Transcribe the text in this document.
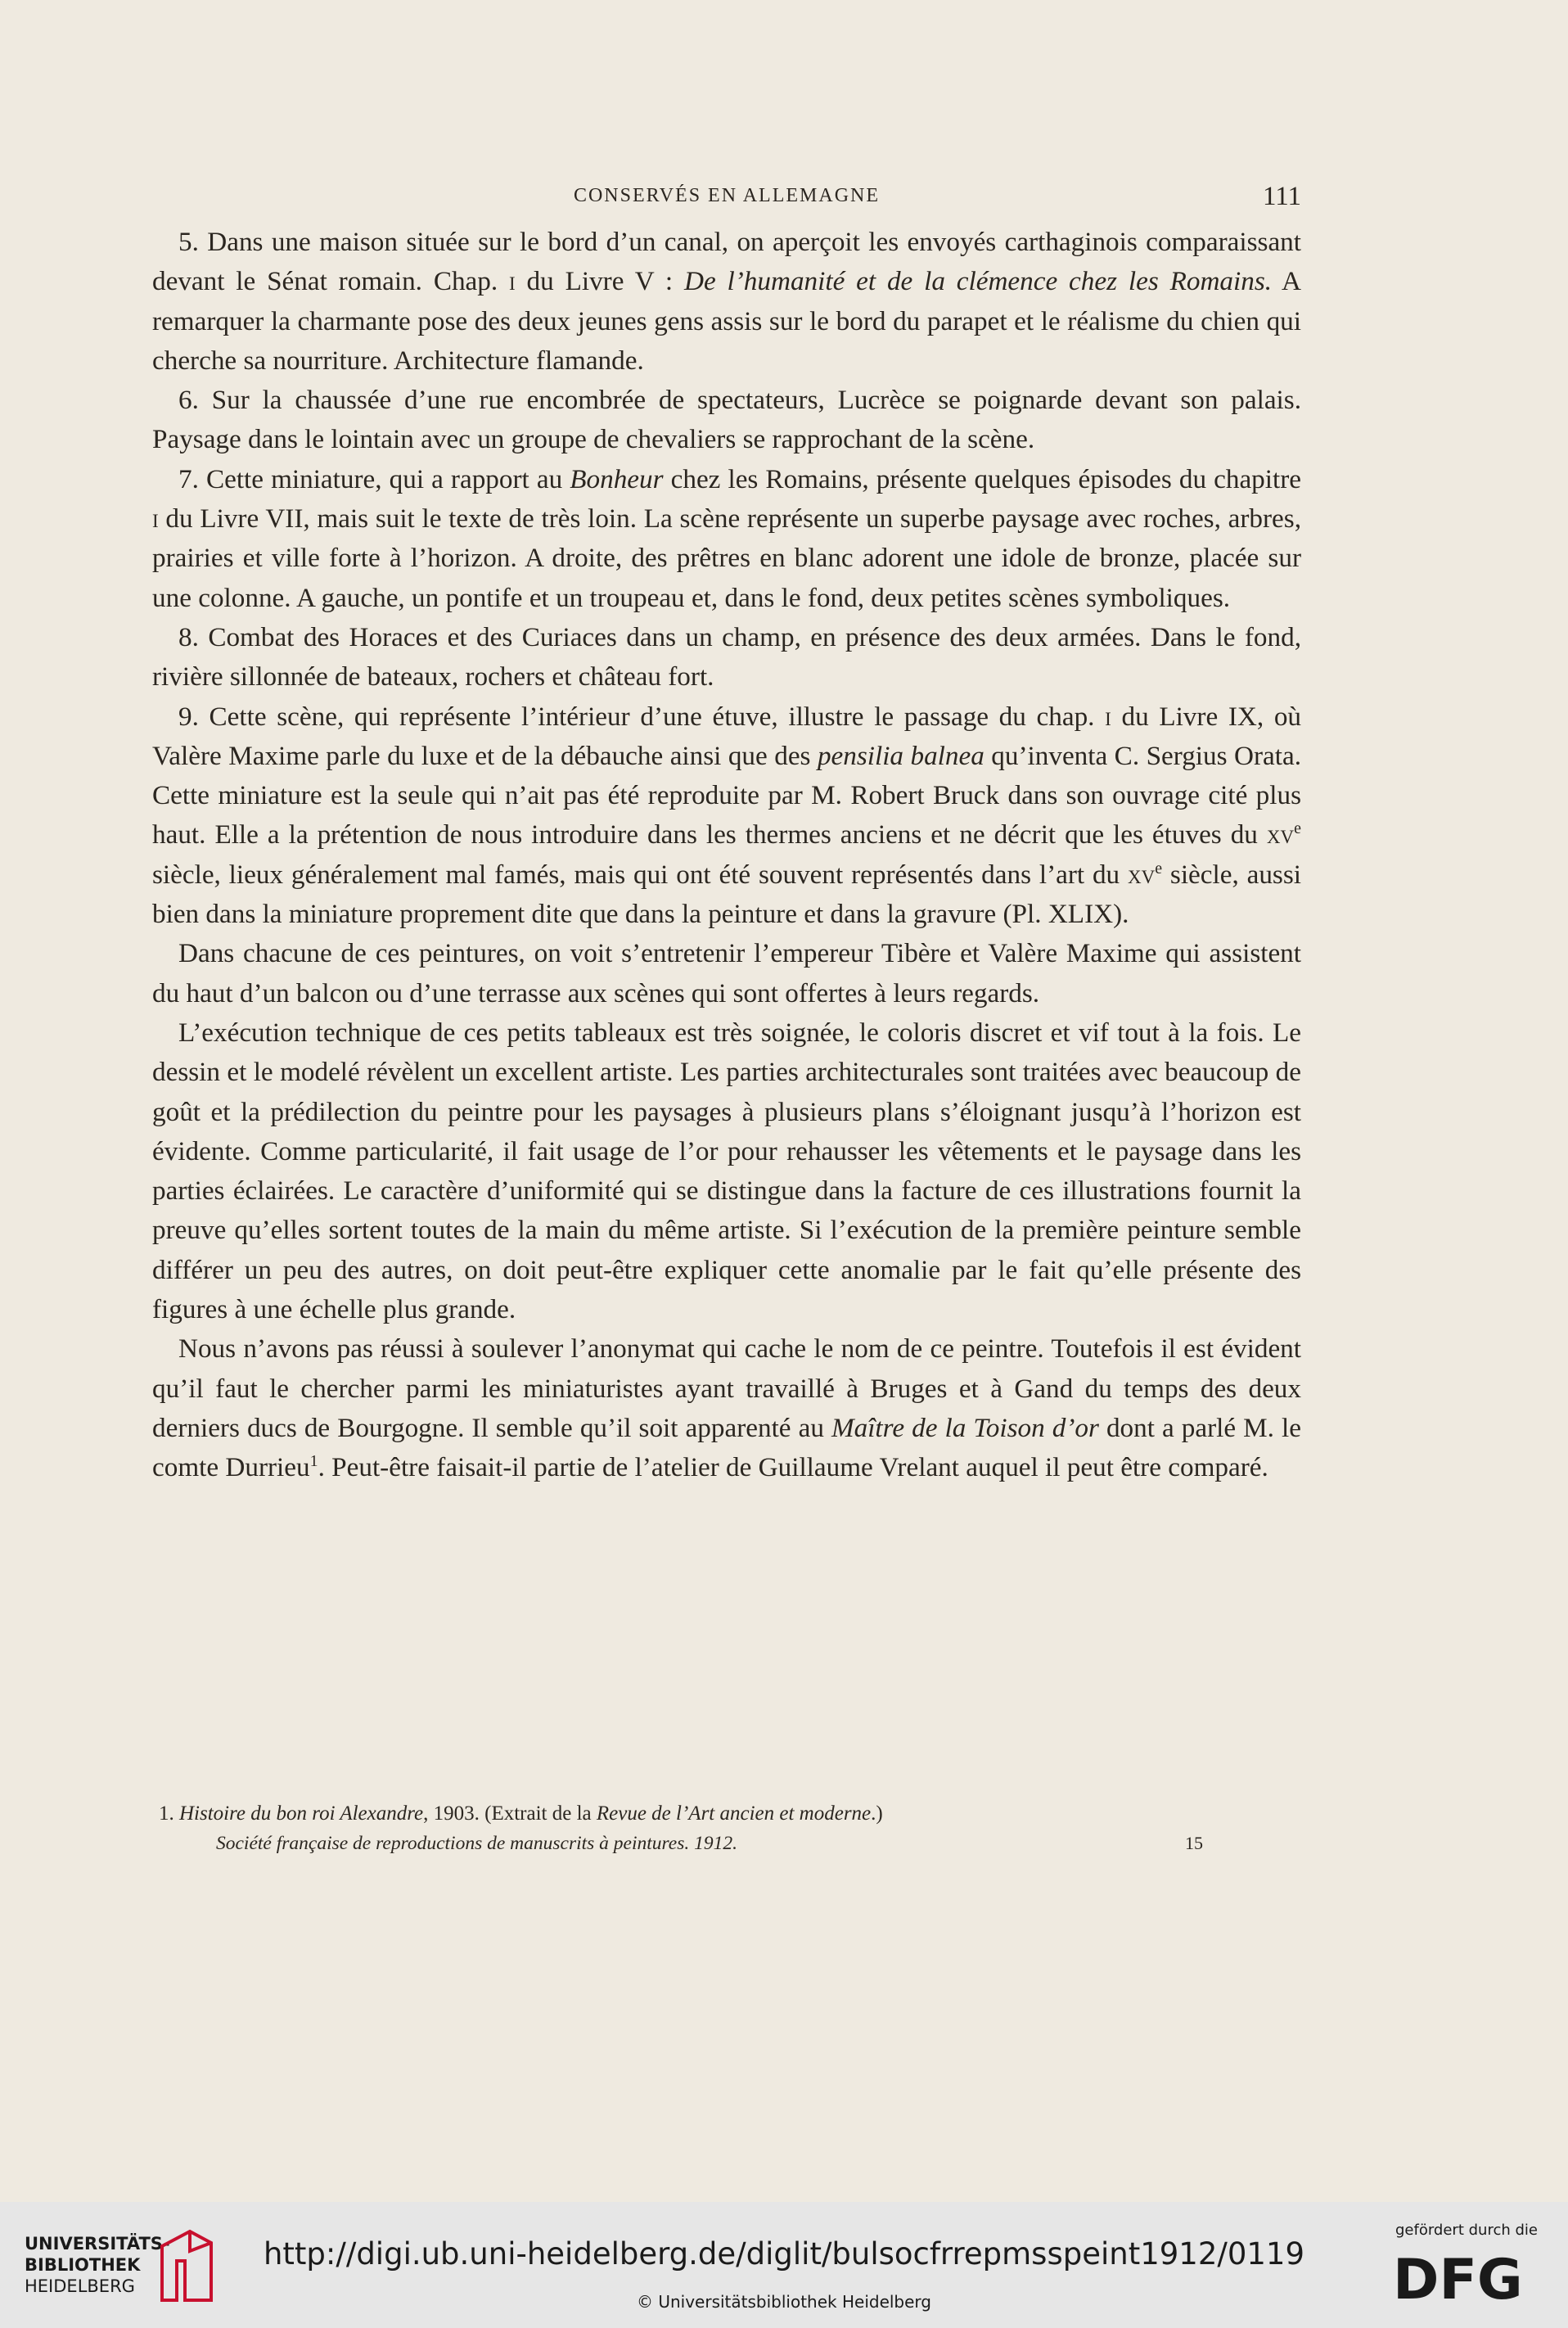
CONSERVÉS EN ALLEMAGNE	111

5. Dans une maison située sur le bord d’un canal, on aperçoit les envoyés carthaginois comparaissant devant le Sénat romain. Chap. i du Livre V : De l’humanité et de la clémence chez les Romains. A remarquer la charmante pose des deux jeunes gens assis sur le bord du parapet et le réalisme du chien qui cherche sa nourriture. Architecture flamande.

6. Sur la chaussée d’une rue encombrée de spectateurs, Lucrèce se poignarde devant son palais. Paysage dans le lointain avec un groupe de chevaliers se rapprochant de la scène.

7. Cette miniature, qui a rapport au Bonheur chez les Romains, présente quelques épisodes du chapitre i du Livre VII, mais suit le texte de très loin. La scène représente un superbe paysage avec roches, arbres, prairies et ville forte à l’horizon. A droite, des prêtres en blanc adorent une idole de bronze, placée sur une colonne. A gauche, un pontife et un troupeau et, dans le fond, deux petites scènes symboliques.

8. Combat des Horaces et des Curiaces dans un champ, en présence des deux armées. Dans le fond, rivière sillonnée de bateaux, rochers et château fort.

9. Cette scène, qui représente l’intérieur d’une étuve, illustre le passage du chap. i du Livre IX, où Valère Maxime parle du luxe et de la débauche ainsi que des pensilia balnea qu’inventa C. Sergius Orata. Cette miniature est la seule qui n’ait pas été reproduite par M. Robert Bruck dans son ouvrage cité plus haut. Elle a la prétention de nous introduire dans les thermes anciens et ne décrit que les étuves du $xv^e$ siècle, lieux généralement mal famés, mais qui ont été souvent représentés dans l’art du $xv^e$ siècle, aussi bien dans la miniature proprement dite que dans la peinture et dans la gravure (Pl. XLIX).

Dans chacune de ces peintures, on voit s’entretenir l’empereur Tibère et Valère Maxime qui assistent du haut d’un balcon ou d’une terrasse aux scènes qui sont offertes à leurs regards.

L’exécution technique de ces petits tableaux est très soignée, le coloris discret et vif tout à la fois. Le dessin et le modelé révèlent un excellent artiste. Les parties architecturales sont traitées avec beaucoup de goût et la prédilection du peintre pour les paysages à plusieurs plans s’éloignant jusqu’à l’horizon est évidente. Comme particularité, il fait usage de l’or pour rehausser les vêtements et le paysage dans les parties éclairées. Le caractère d’uniformité qui se distingue dans la facture de ces illustrations fournit la preuve qu’elles sortent toutes de la main du même artiste. Si l’exécution de la première peinture semble différer un peu des autres, on doit peut-être expliquer cette anomalie par le fait qu’elle présente des figures à une échelle plus grande.

Nous n’avons pas réussi à soulever l’anonymat qui cache le nom de ce peintre. Toutefois il est évident qu’il faut le chercher parmi les miniaturistes ayant travaillé à Bruges et à Gand du temps des deux derniers ducs de Bourgogne. Il semble qu’il soit apparenté au Maître de la Toison d’or dont a parlé M. le comte Durrieu$^1$. Peut-être faisait-il partie de l’atelier de Guillaume Vrelant auquel il peut être comparé.

1. Histoire du bon roi Alexandre, 1903. (Extrait de la Revue de l’Art ancien et moderne.)
Société française de reproductions de manuscrits à peintures. 1912.	15
UNIVERSITÄTS-
BIBLIOTHEK
HEIDELBERG
http://digi.ub.uni-heidelberg.de/diglit/bulsocfrrepmsspeint1912/0119
© Universitätsbibliothek Heidelberg
gefördert durch die
DFG
